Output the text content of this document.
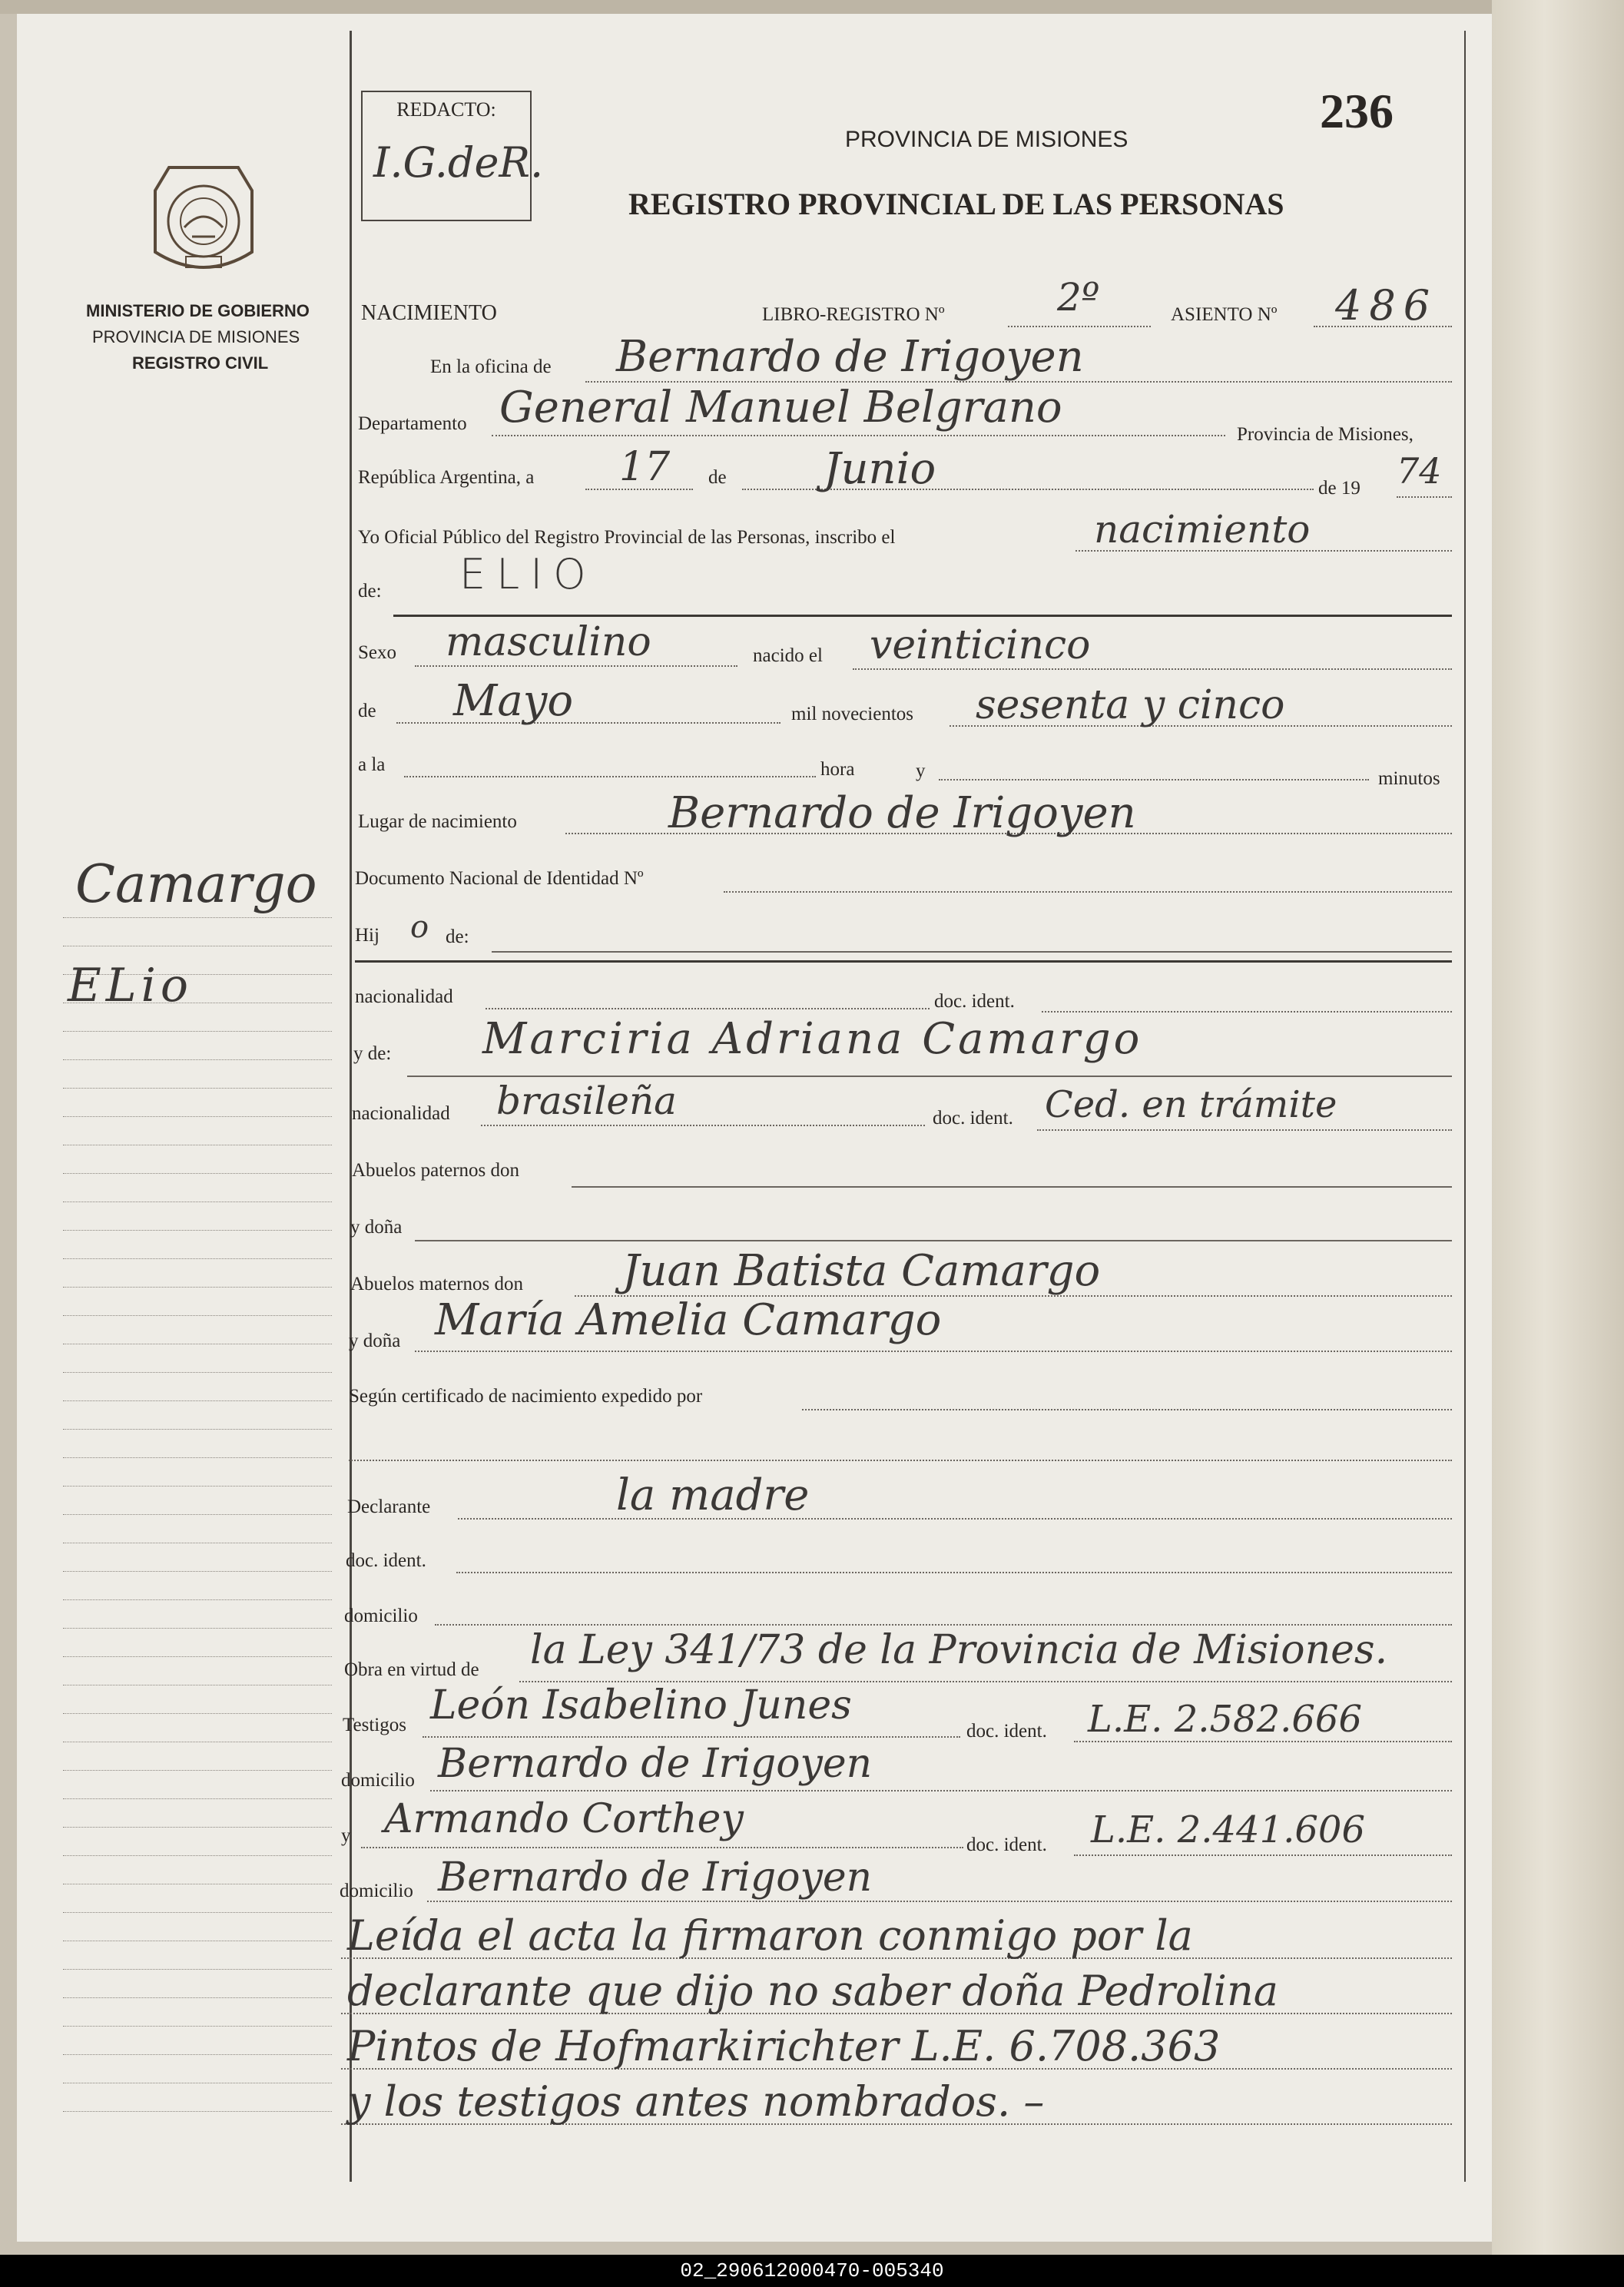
REDACTO:
I.G.deR.
236
PROVINCIA DE MISIONES
REGISTRO PROVINCIAL DE LAS PERSONAS
MINISTERIO DE GOBIERNO
PROVINCIA DE MISIONES
REGISTRO CIVIL
Camargo
ELio
NACIMIENTO	LIBRO-REGISTRO Nº	2º	ASIENTO Nº 486
En la oficina de Bernardo de Irigoyen
Departamento General Manuel Belgrano
Provincia de Misiones,
República Argentina, a 17 de Junio	de 19 74
Yo Oficial Público del Registro Provincial de las Personas, inscribo el	nacimiento
de: ELIO
Sexo masculino	nacido el veinticinco
de Mayo	mil novecientos sesenta y cinco
a la	hora	y	minutos
Lugar de nacimiento	Bernardo de Irigoyen
Documento Nacional de Identidad Nº
Hij o de:
nacionalidad	doc. ident.
y de: Marciria Adriana Camargo
nacionalidad brasileña	doc. ident. Ced. en trámite
Abuelos paternos don
y doña
Abuelos maternos don Juan Batista Camargo
y doña María Amelia Camargo
Según certificado de nacimiento expedido por
Declarante	la madre
doc. ident.
domicilio
Obra en virtud de la Ley 341/73 de la Provincia de Misiones.
Testigos León Isabelino Junes
doc. ident. L.E. 2.582.666
domicilio Bernardo de Irigoyen
y Armando Corthey
doc. ident. L.E. 2.441.606
domicilio Bernardo de Irigoyen
Leída el acta la firmaron conmigo por la
declarante que dijo no saber doña Pedrolina
Pintos de Hofmarkirichter L.E. 6.708.363
y los testigos antes nombrados. –
02_290612000470-005340
